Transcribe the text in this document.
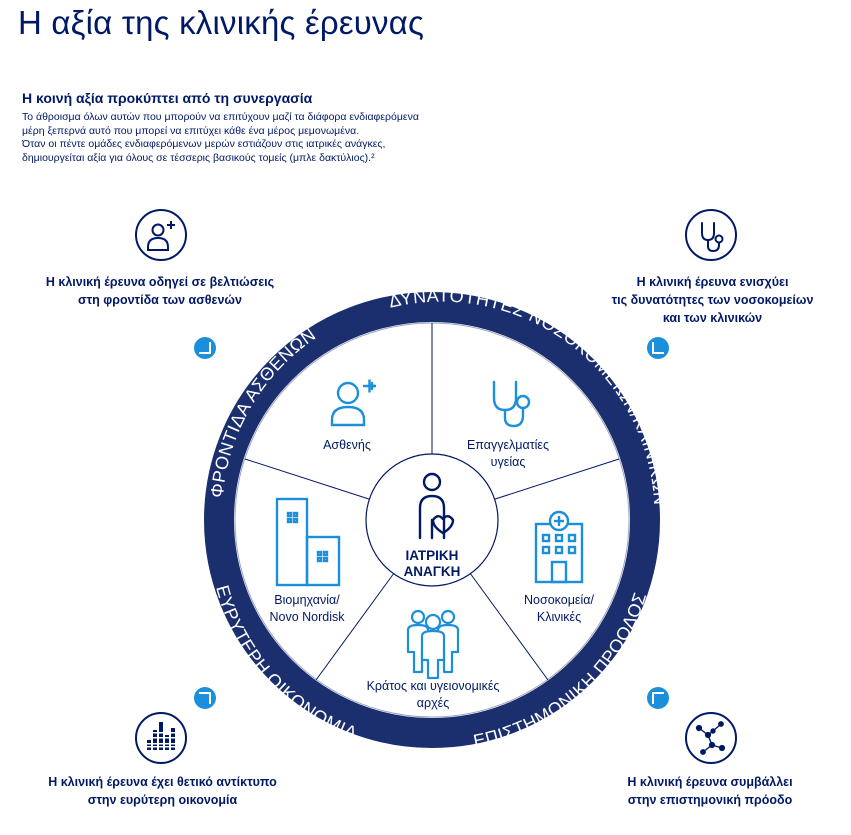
Η αξία της κλινικής έρευνας
Η κοινή αξία προκύπτει από τη συνεργασία

Το άθροισμα όλων αυτών που μπορούν να επιτύχουν μαζί τα διάφορα ενδιαφερόμενα

μέρη ξεπερνά αυτό που μπορεί να επιτύχει κάθε ένα μέρος μεμονωμένα.

Όταν οι πέντε ομάδες ενδιαφερόμενων μερών εστιάζουν στις ιατρικές ανάγκες,

δημιουργείται αξία για όλους σε τέσσερις βασικούς τομείς (μπλε δακτύλιος).²

Η κλινική έρευνα οδηγεί σε βελτιώσεις
στη φροντίδα των ασθενών
Η κλινική έρευνα ενισχύει
τις δυνατότητες των νοσοκομείων
και των κλινικών
Η κλινική έρευνα έχει θετικό αντίκτυπο
στην ευρύτερη οικονομία
Η κλινική έρευνα συμβάλλει
στην επιστημονική πρόοδο
ΦΡΟΝΤΙΔΑ ΑΣΘΕΝΩΝ
ΔΥΝΑΤΟΤΗΤΕΣ ΝΟΣΟΚΟΜΕΙΩΝ/ΚΛΙΝΙΚΩΝ
ΕΥΡΥΤΕΡΗ ΟΙΚΟΝΟΜΙΑ	ΕΠΙΣΤΗΜΟΝΙΚΗ ΠΡΟΟΔΟΣ
ΙΑΤΡΙΚΗ
ΑΝΑΓΚΗ
Ασθενής	Επαγγελματίες
υγείας
Βιομηχανία/
Novo Nordisk
Νοσοκομεία/
Κλινικές
Κράτος και υγειονομικές
αρχές
